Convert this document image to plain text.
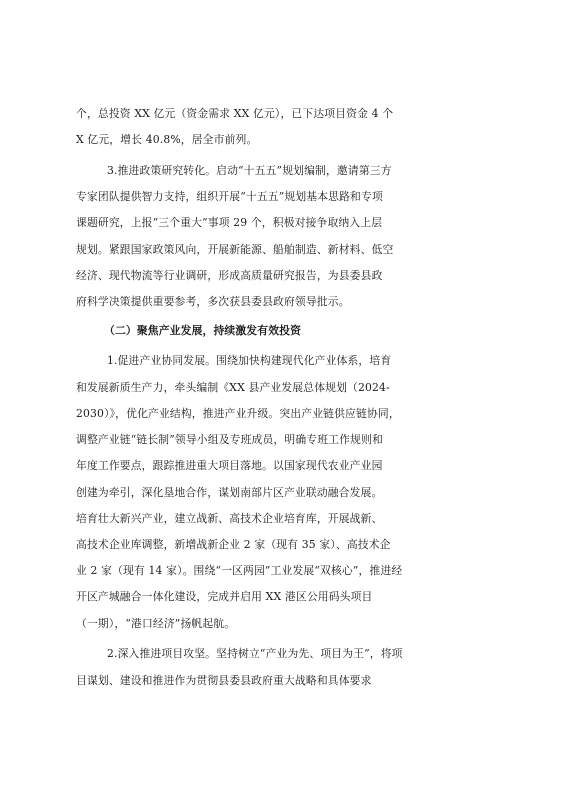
个，总投资 XX 亿元（资金需求 XX 亿元），已下达项目资金 4 个

X 亿元，增长 40.8%，居全市前列。

3.推进政策研究转化。启动“十五五”规划编制，邀请第三方

专家团队提供智力支持，组织开展“十五五”规划基本思路和专项

课题研究，上报“三个重大”事项 29 个，积极对接争取纳入上层

规划。紧跟国家政策风向，开展新能源、船舶制造、新材料、低空

经济、现代物流等行业调研，形成高质量研究报告，为县委县政

府科学决策提供重要参考，多次获县委县政府领导批示。

（二）聚焦产业发展，持续激发有效投资

1.促进产业协同发展。围绕加快构建现代化产业体系，培育

和发展新质生产力，牵头编制《XX 县产业发展总体规划（2024-

2030）》，优化产业结构，推进产业升级。突出产业链供应链协同，

调整产业链“链长制”领导小组及专班成员，明确专班工作规则和

年度工作要点，跟踪推进重大项目落地。以国家现代农业产业园

创建为牵引，深化垦地合作，谋划南部片区产业联动融合发展。

培育壮大新兴产业，建立战新、高技术企业培育库，开展战新、

高技术企业库调整，新增战新企业 2 家（现有 35 家）、高技术企

业 2 家（现有 14 家）。围绕“一区两园”工业发展“双核心”，推进经

开区产城融合一体化建设，完成并启用 XX 港区公用码头项目

（一期），“港口经济”扬帆起航。

2.深入推进项目攻坚。坚持树立“产业为先、项目为王”，将项

目谋划、建设和推进作为贯彻县委县政府重大战略和具体要求
